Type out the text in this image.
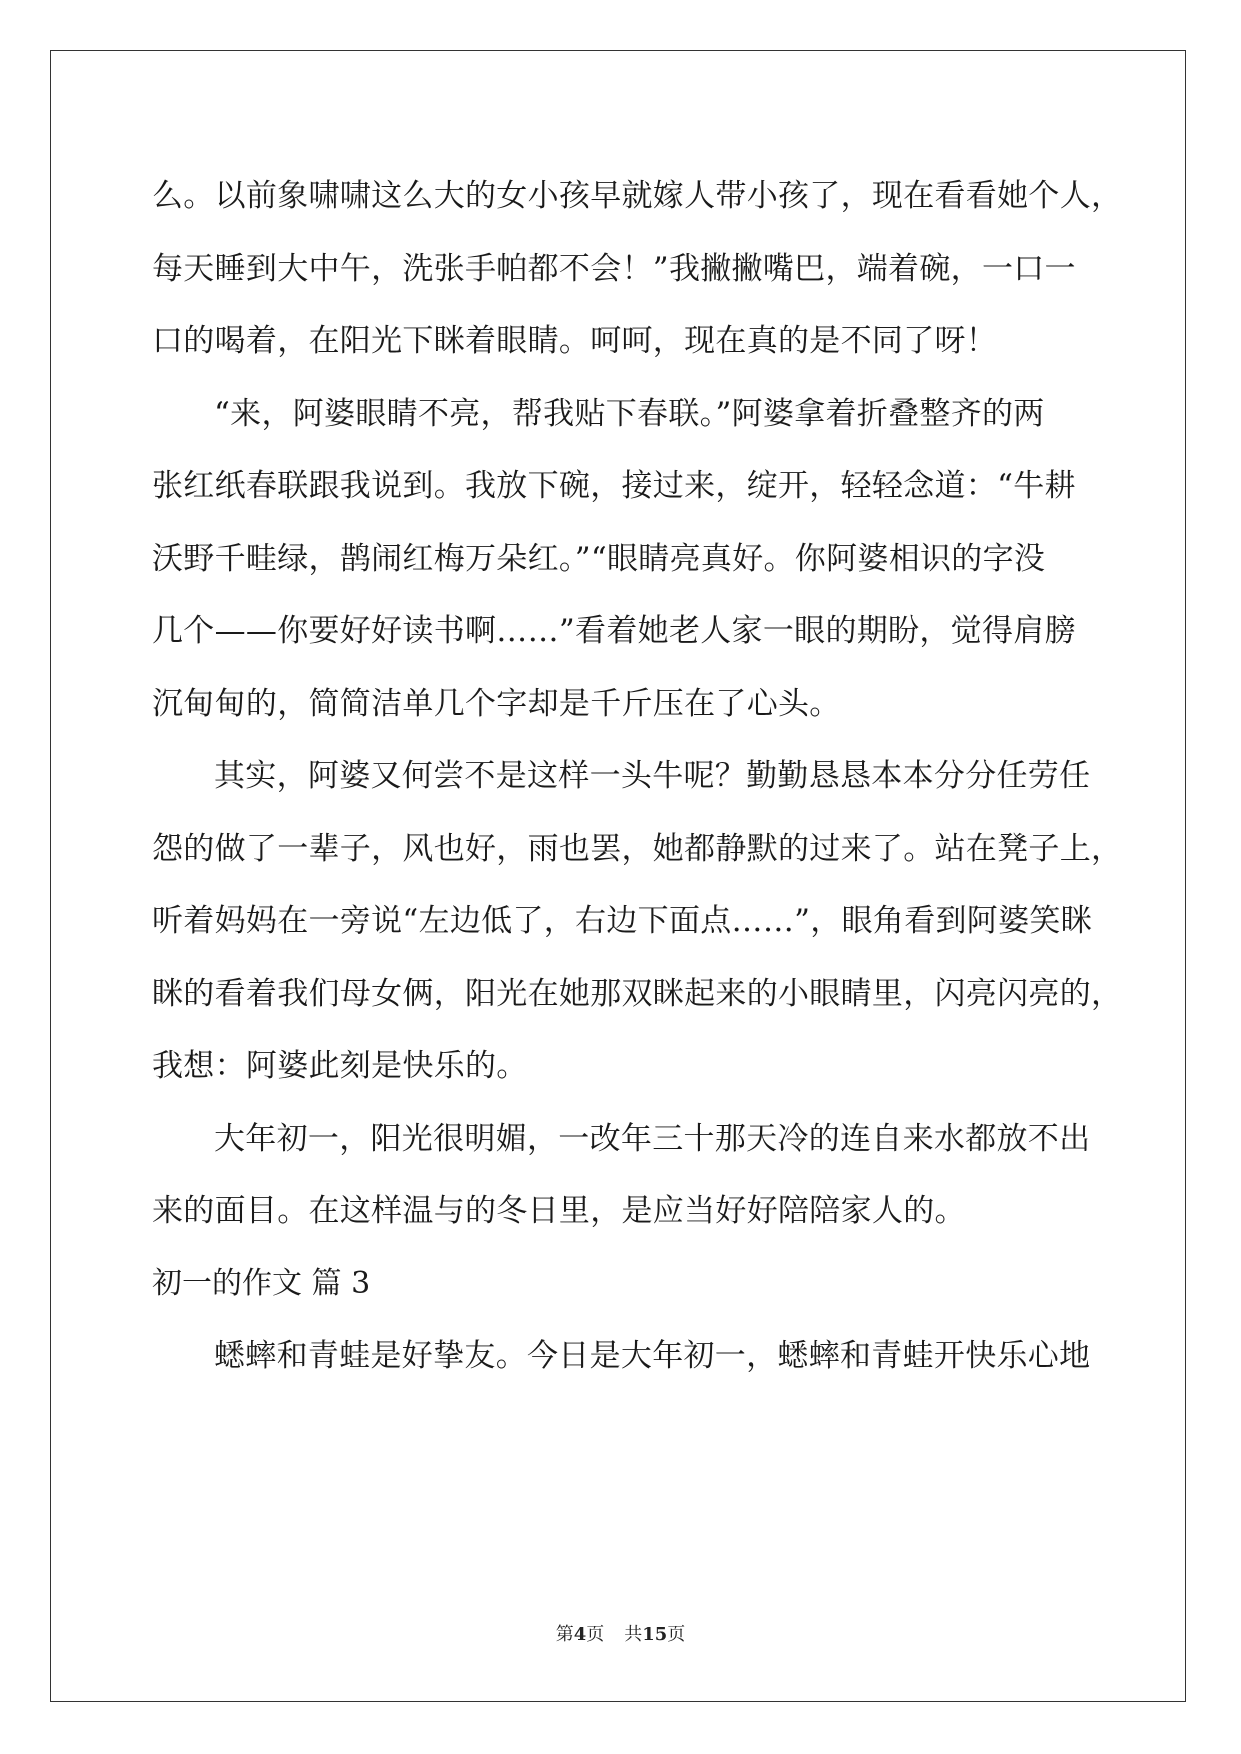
么。以前象啸啸这么大的女小孩早就嫁人带小孩了，现在看看她个人，
每天睡到大中午，洗张手帕都不会！”我撇撇嘴巴，端着碗，一口一
口的喝着，在阳光下眯着眼睛。呵呵，现在真的是不同了呀！
“来，阿婆眼睛不亮，帮我贴下春联。”阿婆拿着折叠整齐的两
张红纸春联跟我说到。我放下碗，接过来，绽开，轻轻念道：“牛耕
沃野千畦绿，鹊闹红梅万朵红。”“眼睛亮真好。你阿婆相识的字没
几个——你要好好读书啊……”看着她老人家一眼的期盼，觉得肩膀
沉甸甸的，简简洁单几个字却是千斤压在了心头。
其实，阿婆又何尝不是这样一头牛呢？勤勤恳恳本本分分任劳任
怨的做了一辈子，风也好，雨也罢，她都静默的过来了。站在凳子上，
听着妈妈在一旁说“左边低了，右边下面点……”，眼角看到阿婆笑眯
眯的看着我们母女俩，阳光在她那双眯起来的小眼睛里，闪亮闪亮的，
我想：阿婆此刻是快乐的。
大年初一，阳光很明媚，一改年三十那天冷的连自来水都放不出
来的面目。在这样温与的冬日里，是应当好好陪陪家人的。
初一的作文 篇 3
蟋蟀和青蛙是好挚友。今日是大年初一，蟋蟀和青蛙开快乐心地
第4页 共15页
